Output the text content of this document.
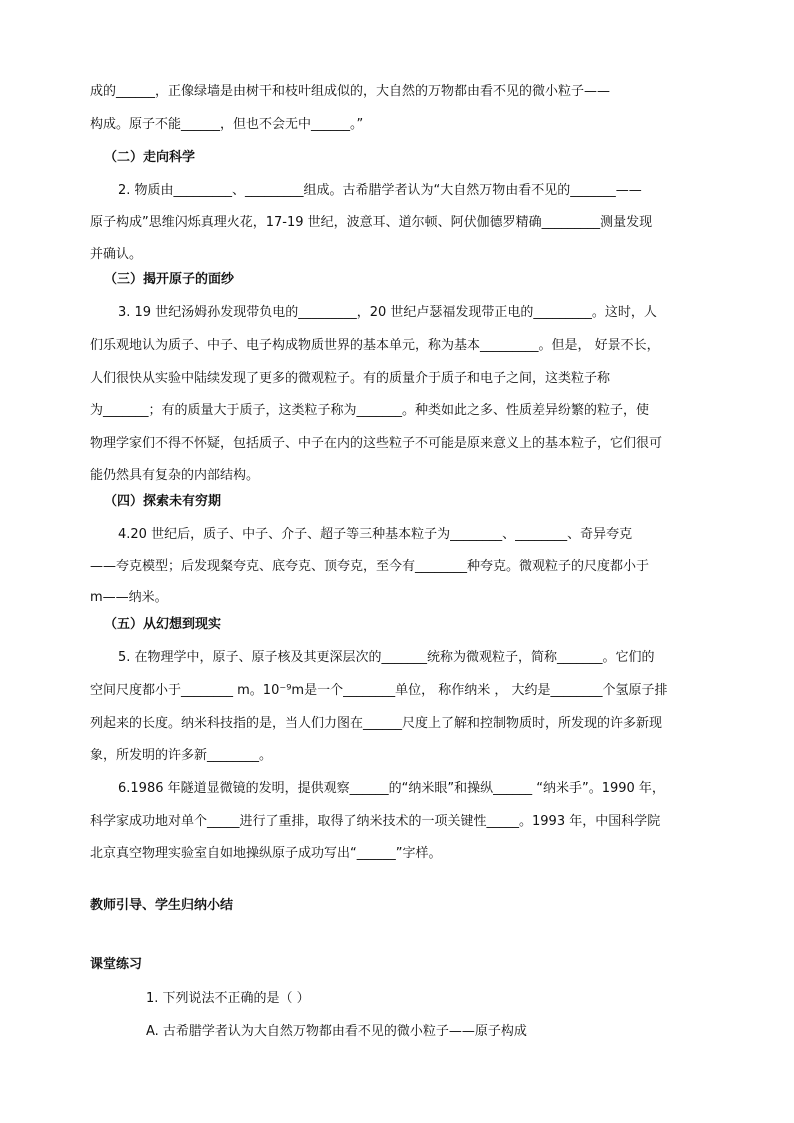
成的______，正像绿墙是由树干和枝叶组成似的，大自然的万物都由看不见的微小粒子——
构成。原子不能______，但也不会无中______。”
（二）走向科学
2. 物质由_________、_________组成。古希腊学者认为“大自然万物由看不见的_______——
原子构成”思维闪烁真理火花，17-19 世纪，波意耳、道尔顿、阿伏伽德罗精确_________测量发现
并确认。
（三）揭开原子的面纱
3. 19 世纪汤姆孙发现带负电的_________，20 世纪卢瑟福发现带正电的_________。这时，人
们乐观地认为质子、中子、电子构成物质世界的基本单元，称为基本_________。但是， 好景不长，
人们很快从实验中陆续发现了更多的微观粒子。有的质量介于质子和电子之间，这类粒子称
为_______；有的质量大于质子，这类粒子称为_______。种类如此之多、性质差异纷繁的粒子，使
物理学家们不得不怀疑，包括质子、中子在内的这些粒子不可能是原来意义上的基本粒子，它们很可
能仍然具有复杂的内部结构。
（四）探索未有穷期
4.20 世纪后，质子、中子、介子、超子等三种基本粒子为________、________、奇异夸克
——夸克模型；后发现粲夸克、底夸克、顶夸克，至今有________种夸克。微观粒子的尺度都小于
m——纳米。
（五）从幻想到现实
5. 在物理学中，原子、原子核及其更深层次的_______统称为微观粒子，简称_______。它们的
空间尺度都小于________ m。10⁻⁹m是一个________单位， 称作纳米 ， 大约是________个氢原子排
列起来的长度。纳米科技指的是，当人们力图在______尺度上了解和控制物质时，所发现的许多新现
象，所发明的许多新________。
6.1986 年隧道显微镜的发明，提供观察______的“纳米眼”和操纵______ “纳米手”。1990 年，
科学家成功地对单个_____进行了重排，取得了纳米技术的一项关键性_____。1993 年，中国科学院
北京真空物理实验室自如地操纵原子成功写出“______”字样。
教师引导、学生归纳小结
课堂练习
1. 下列说法不正确的是（ ）
A. 古希腊学者认为大自然万物都由看不见的微小粒子——原子构成
